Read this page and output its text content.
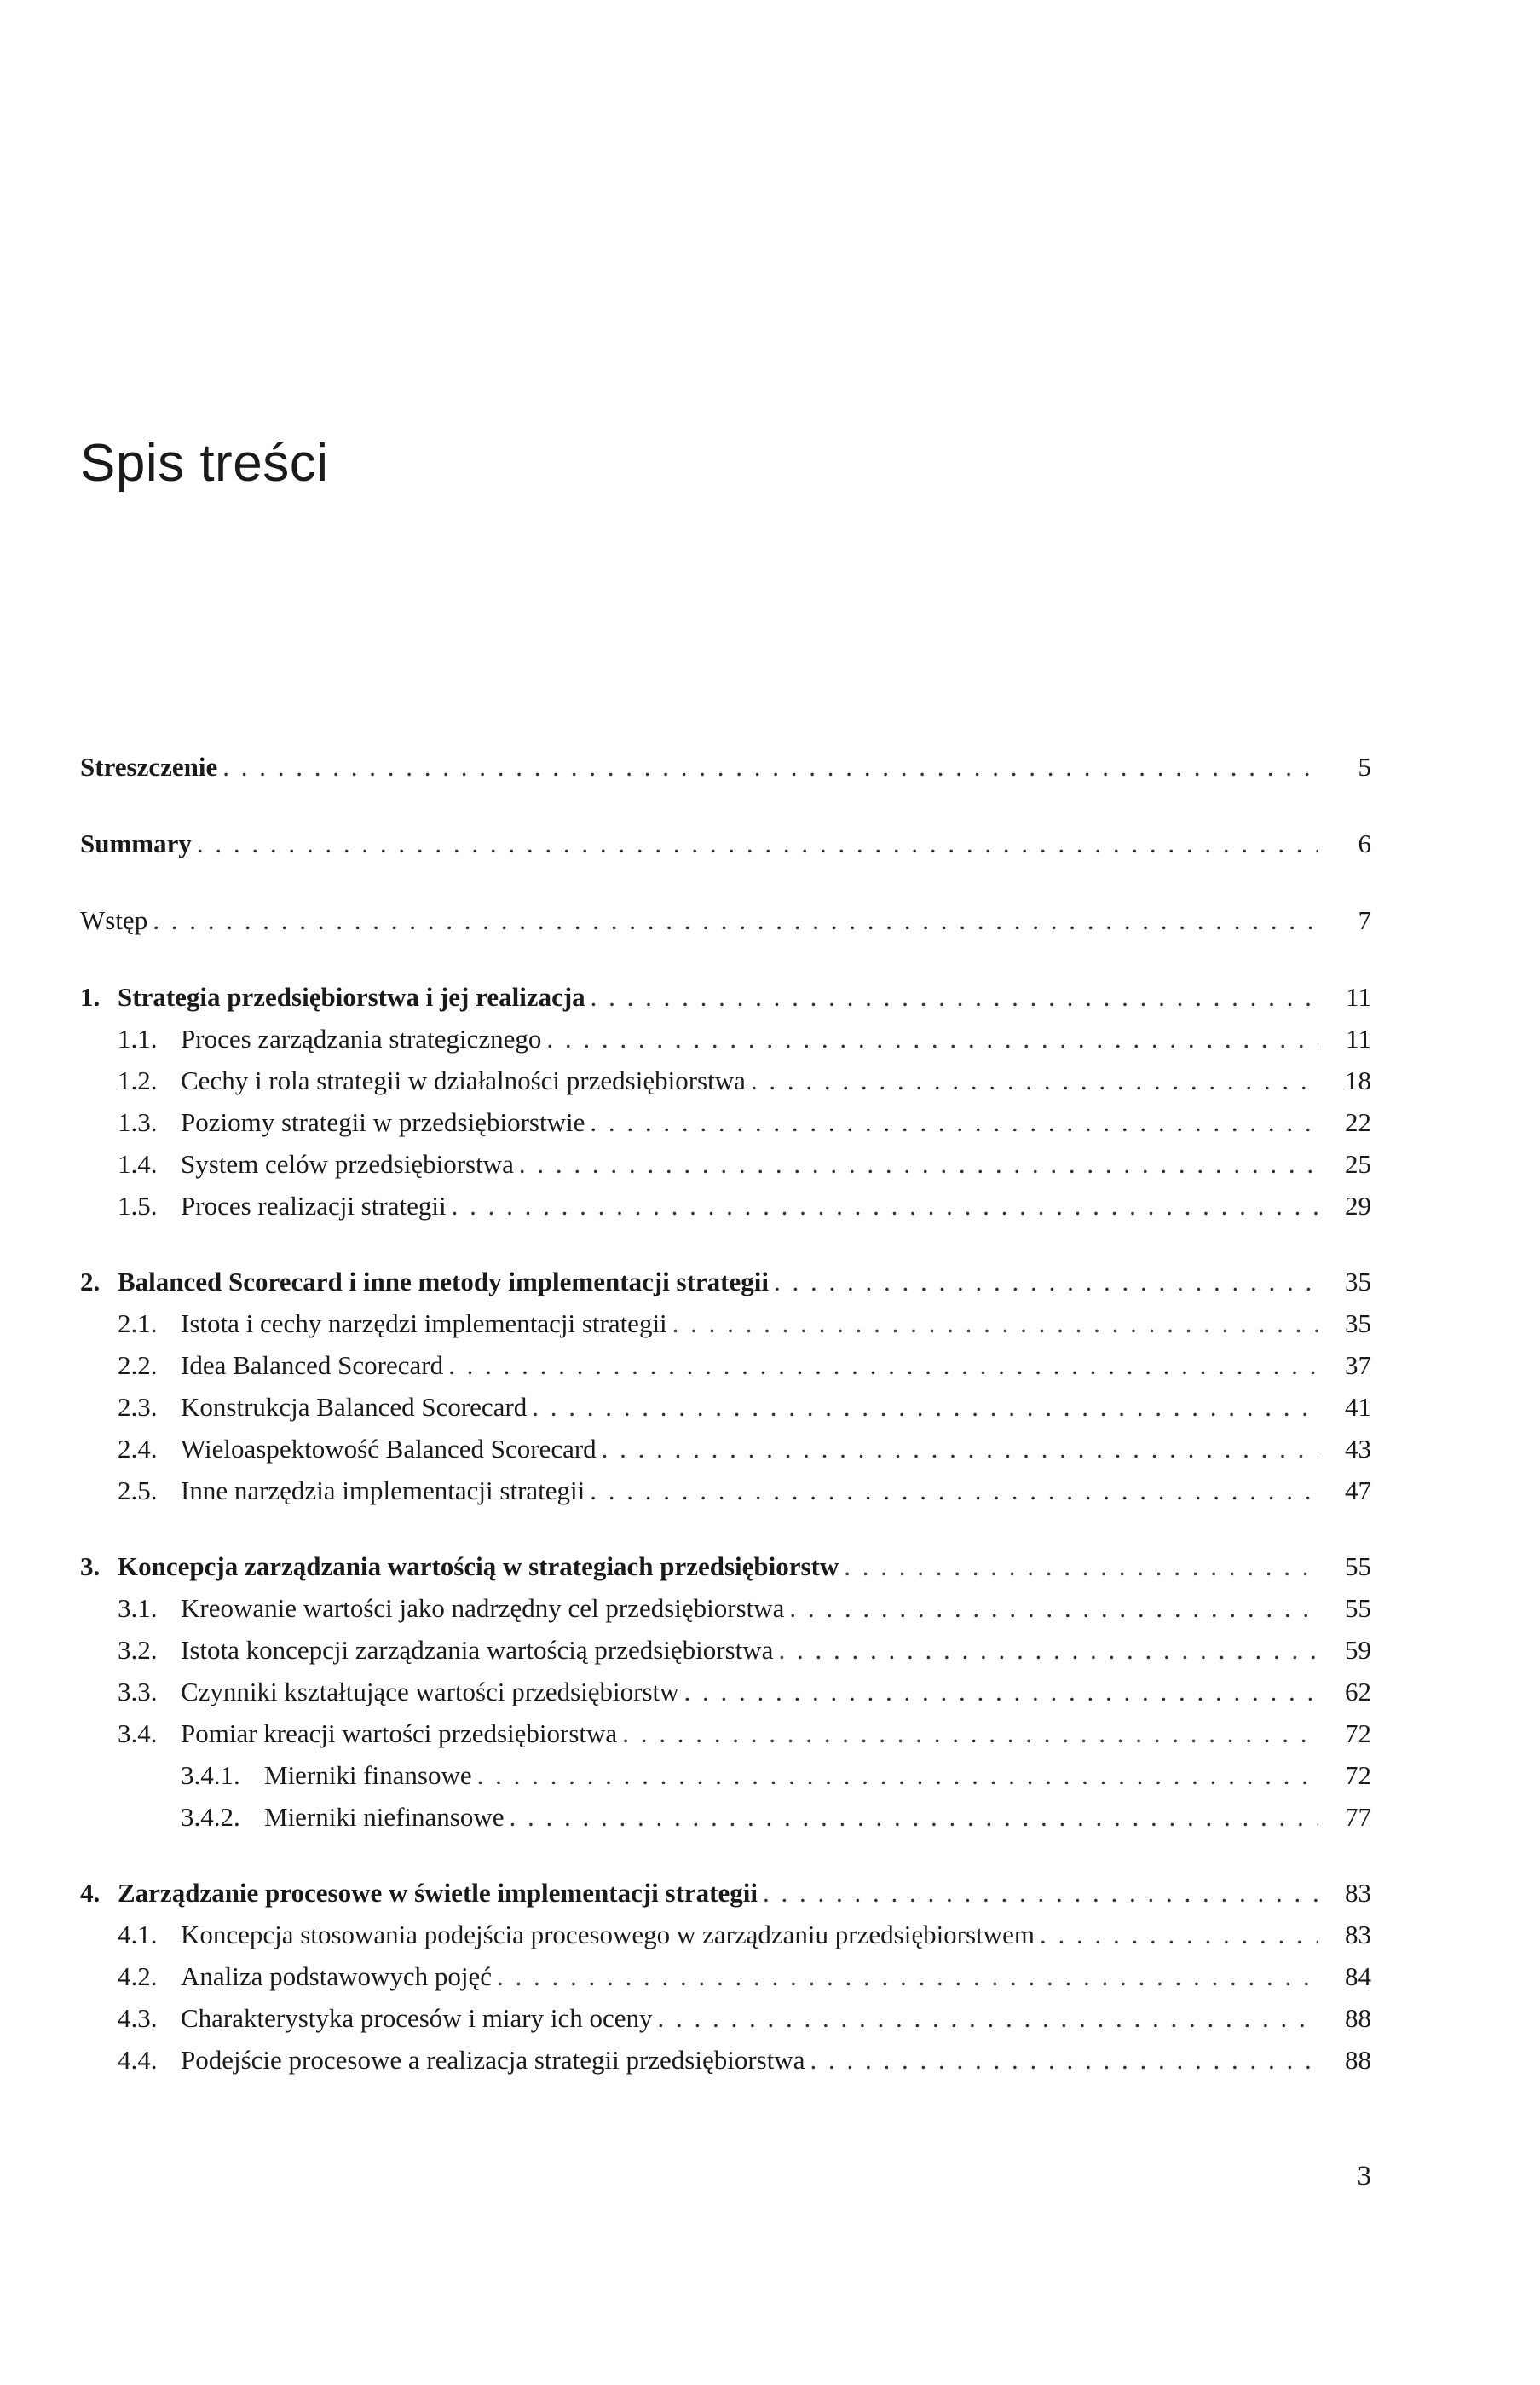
Spis treści
Streszczenie . . .	5
Summary . . .	6
Wstęp . . .	7
1. Strategia przedsiębiorstwa i jej realizacja . . .	11
1.1. Proces zarządzania strategicznego . . .	11
1.2. Cechy i rola strategii w działalności przedsiębiorstwa . . .	18
1.3. Poziomy strategii w przedsiębiorstwie . . .	22
1.4. System celów przedsiębiorstwa . . .	25
1.5. Proces realizacji strategii . . .	29
2. Balanced Scorecard i inne metody implementacji strategii . . .	35
2.1. Istota i cechy narzędzi implementacji strategii . . .	35
2.2. Idea Balanced Scorecard . . .	37
2.3. Konstrukcja Balanced Scorecard . . .	41
2.4. Wieloaspektowość Balanced Scorecard . . .	43
2.5. Inne narzędzia implementacji strategii . . .	47
3. Koncepcja zarządzania wartością w strategiach przedsiębiorstw . . .	55
3.1. Kreowanie wartości jako nadrzędny cel przedsiębiorstwa . . .	55
3.2. Istota koncepcji zarządzania wartością przedsiębiorstwa . . .	59
3.3. Czynniki kształtujące wartości przedsiębiorstw . . .	62
3.4. Pomiar kreacji wartości przedsiębiorstwa . . .	72
3.4.1. Mierniki finansowe . . .	72
3.4.2. Mierniki niefinansowe . . .	77
4. Zarządzanie procesowe w świetle implementacji strategii . . .	83
4.1. Koncepcja stosowania podejścia procesowego w zarządzaniu przedsiębiorstwem . . .	83
4.2. Analiza podstawowych pojęć . . .	84
4.3. Charakterystyka procesów i miary ich oceny . . .	88
4.4. Podejście procesowe a realizacja strategii przedsiębiorstwa . . .	88
3
